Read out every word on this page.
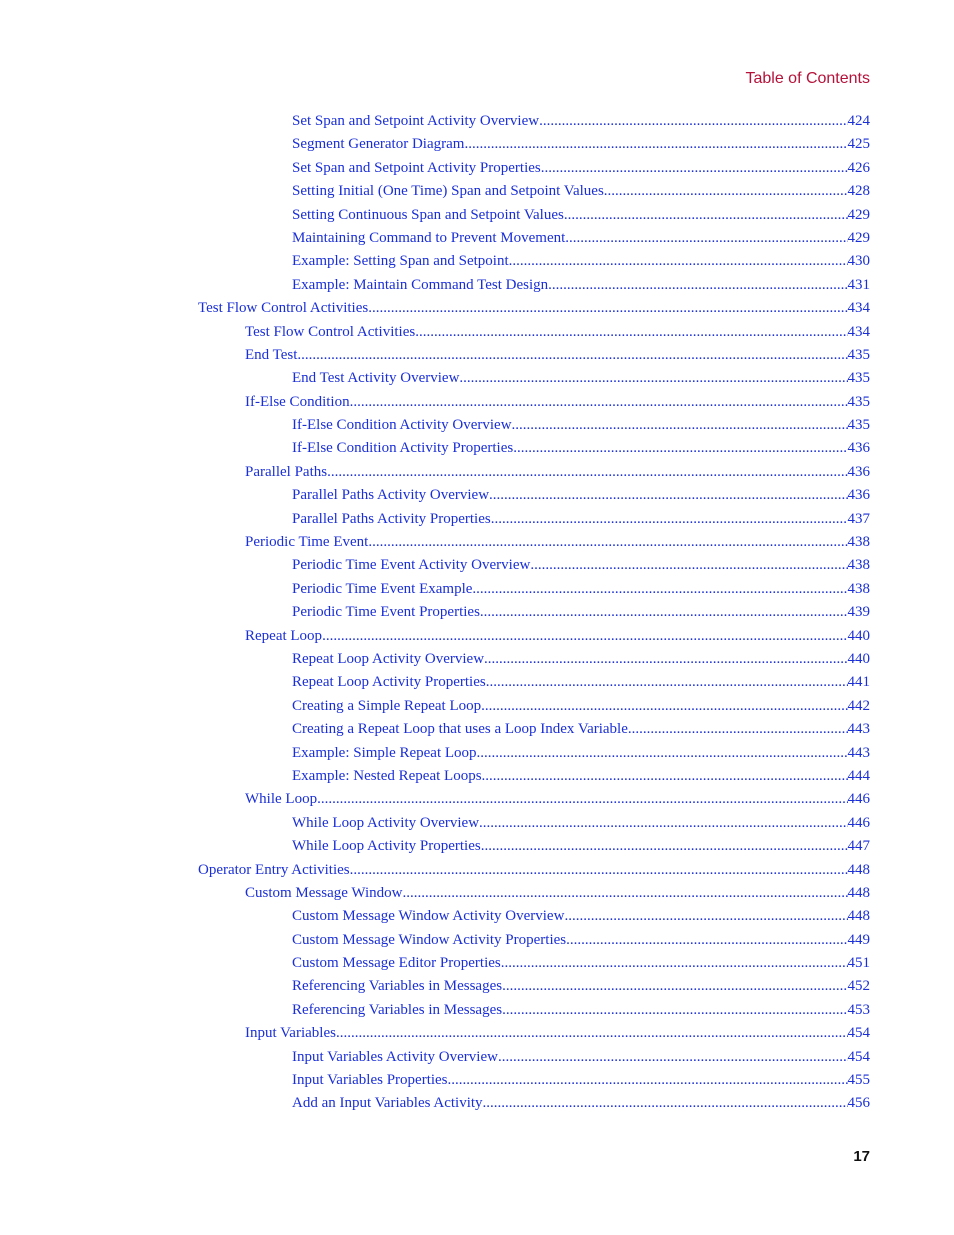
Table of Contents
Set Span and Setpoint Activity Overview .....	424
Segment Generator Diagram .....	425
Set Span and Setpoint Activity Properties .....	426
Setting Initial (One Time) Span and Setpoint Values .....	428
Setting Continuous Span and Setpoint Values .....	429
Maintaining Command to Prevent Movement .....	429
Example: Setting Span and Setpoint .....	430
Example: Maintain Command Test Design .....	431
Test Flow Control Activities .....	434
Test Flow Control Activities .....	434
End Test .....	435
End Test Activity Overview .....	435
If-Else Condition .....	435
If-Else Condition Activity Overview .....	435
If-Else Condition Activity Properties .....	436
Parallel Paths .....	436
Parallel Paths Activity Overview .....	436
Parallel Paths Activity Properties .....	437
Periodic Time Event .....	438
Periodic Time Event Activity Overview .....	438
Periodic Time Event Example .....	438
Periodic Time Event Properties .....	439
Repeat Loop .....	440
Repeat Loop Activity Overview .....	440
Repeat Loop Activity Properties .....	441
Creating a Simple Repeat Loop .....	442
Creating a Repeat Loop that uses a Loop Index Variable .....	443
Example: Simple Repeat Loop .....	443
Example: Nested Repeat Loops .....	444
While Loop .....	446
While Loop Activity Overview .....	446
While Loop Activity Properties .....	447
Operator Entry Activities .....	448
Custom Message Window .....	448
Custom Message Window Activity Overview .....	448
Custom Message Window Activity Properties .....	449
Custom Message Editor Properties .....	451
Referencing Variables in Messages .....	452
Referencing Variables in Messages .....	453
Input Variables .....	454
Input Variables Activity Overview .....	454
Input Variables Properties .....	455
Add an Input Variables Activity .....	456
17
